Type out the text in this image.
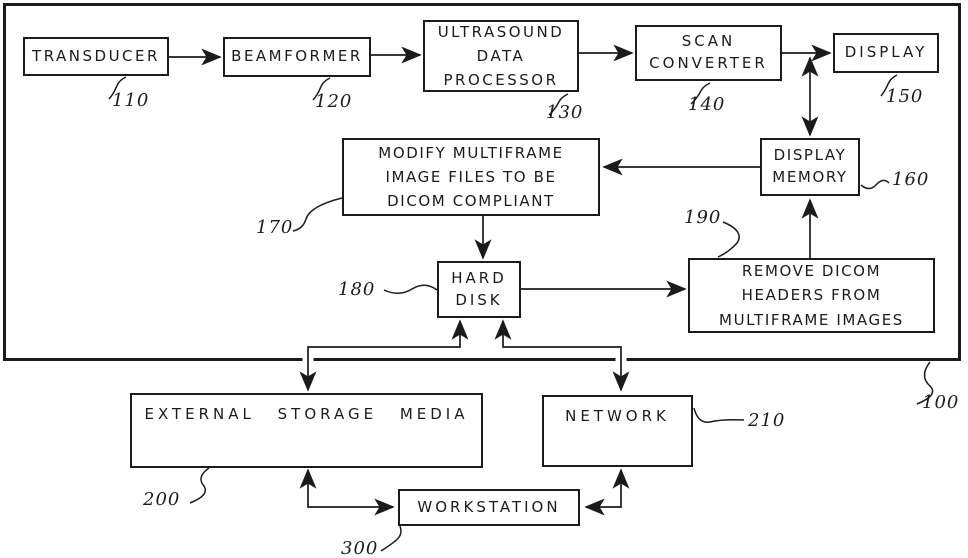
TRANSDUCER	BEAMFORMER
ULTRASOUND
DATA
PROCESSOR
SCAN
CONVERTER
DISPLAY
DISPLAY
MEMORY
MODIFY MULTIFRAME
IMAGE FILES TO BE
DICOM COMPLIANT
HARD
DISK
REMOVE DICOM
HEADERS FROM
MULTIFRAME IMAGES
EXTERNAL STORAGE MEDIA	NETWORK
WORKSTATION
110	120
130	140	150
160
170
180
190
200
210
300
100
